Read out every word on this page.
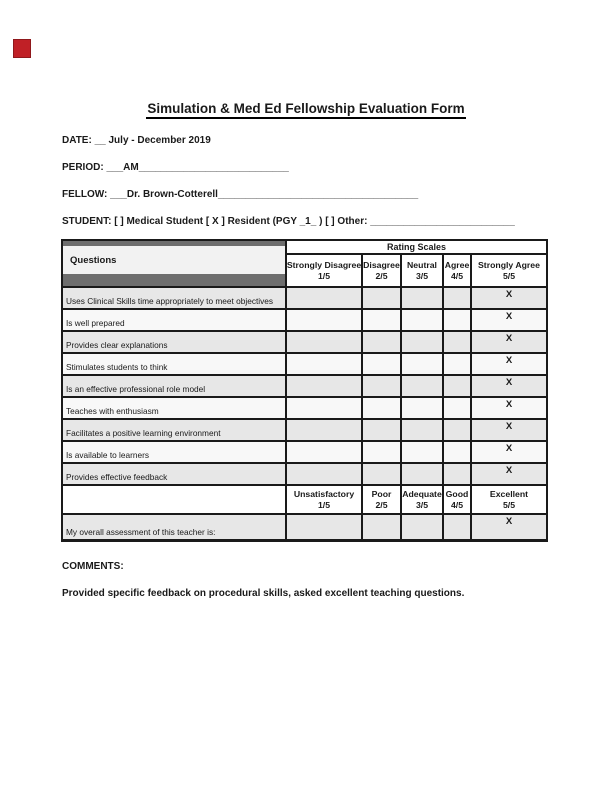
Simulation & Med Ed Fellowship Evaluation Form
DATE: __ July - December 2019
PERIOD: ___AM___________________________
FELLOW: ___Dr. Brown-Cotterell____________________________________
STUDENT: [ ] Medical Student [ X ] Resident (PGY _1_ ) [ ] Other: __________________________
Questions
Rating Scales
Strongly Disagree
1/5
Disagree
2/5
Neutral
3/5
Agree
4/5
Strongly Agree
5/5
Uses Clinical Skills time appropriately to meet objectives
X
Is well prepared
X
Provides clear explanations
X
Stimulates students to think
X
Is an effective professional role model
X
Teaches with enthusiasm
X
Facilitates a positive learning environment
X
Is available to learners
X
Provides effective feedback
X
Unsatisfactory
1/5
Poor
2/5
Adequate
3/5
Good
4/5
Excellent
5/5
My overall assessment of this teacher is:
X
COMMENTS:
Provided specific feedback on procedural skills, asked excellent teaching questions.
